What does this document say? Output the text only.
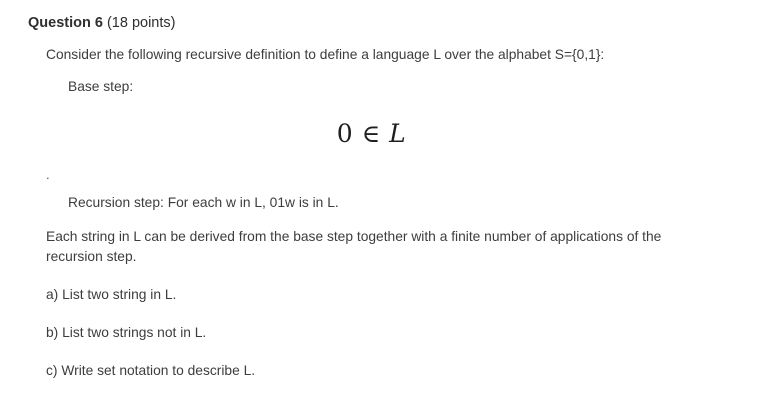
Question 6 (18 points)
Consider the following recursive definition to define a language L over the alphabet S={0,1}:
Base step:
0 ∈ L
.
Recursion step: For each w in L, 01w is in L.
Each string in L can be derived from the base step together with a finite number of applications of the recursion step.
a) List two string in L.
b) List two strings not in L.
c) Write set notation to describe L.
